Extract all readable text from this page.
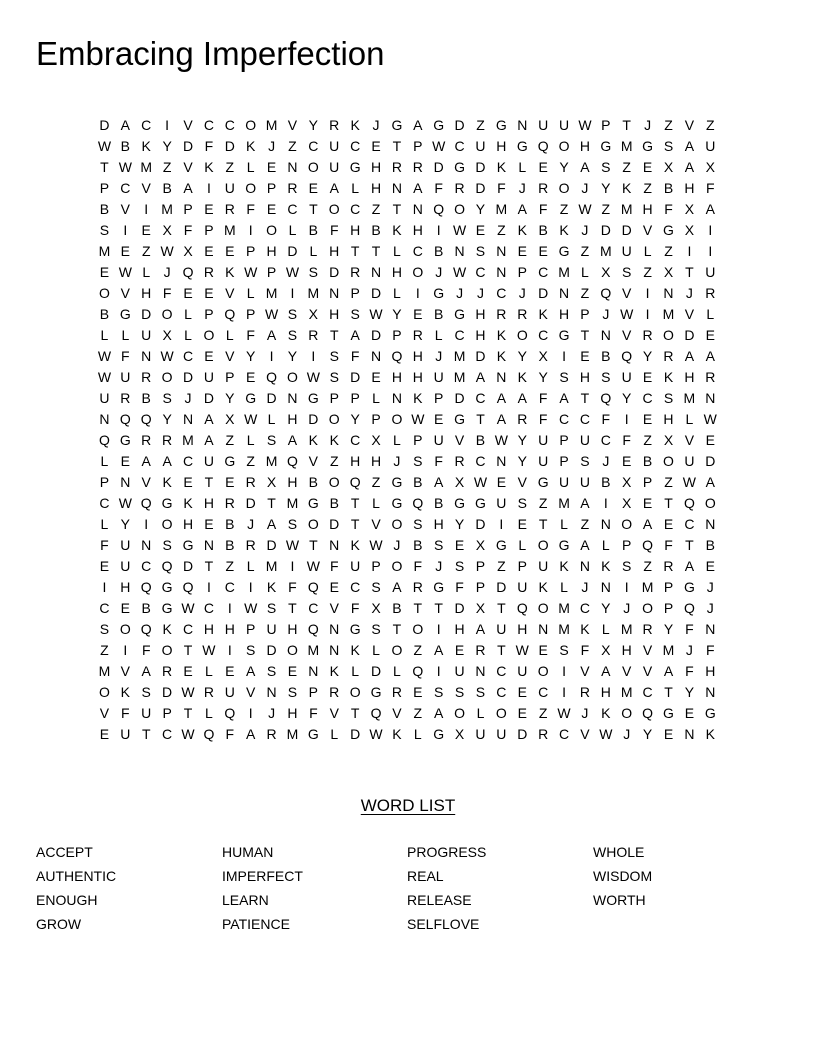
Embracing Imperfection
D A C I	V C C O M V Y R K J G A G D Z G N U U W P T J Z V Z
W B K Y D F D K J Z C U C E T P W C U H G Q O H G M G S A U
T W M Z V K Z L E N O U G H R R D G D K L E Y A S Z E X A X
P C V B A	I U O P R E A L H N A F R D F J R O J Y K Z B H F
B V	I M P E R F E C T O C Z T N Q O Y M A F Z W Z M H F X A
S	I	E X F P M I O L B F H B K H I W E Z K B K J D D V G X	I
M E Z W X E E P H D L H T T L C B N S N E E G Z M U L Z	I	I
E W L J Q R K W P W S D R N H O J W C N P C M L X S Z X T U
O V H F E E V L M I M N P D L	I G J J C J D N Z Q V	I N J R
B G D O L P Q P W S X H S W Y E B G H R R K H P J W I M V L
L L U X L O L F A S R T A D P R L C H K O C G T N V R O D E
W F N W C E V Y	I	Y	I	S F N Q H J M D K Y X	I	E B Q Y R A A
W U R O D U P E Q O W S D E H H U M A N K Y S H S U E K H R
U R B S J D Y G D N G P P L N K P D C A A F A T Q Y C S M N
N Q Q Y N A X W L H D O Y P O W E G T A R F C C F	I	E H L W
Q G R R M A Z L S A K K C X L P U V B W Y U P U C F Z X V E
L E A A C U G Z M Q V Z H H J S F R C N Y U P S J E B O U D
P N V K E T E R X H B O Q Z G B A X W E V G U U B X P Z W A
C W Q G K H R D T M G B T L G Q B G G U S Z M A	I	X E T Q O
L Y	I O H E B J A S O D T V O S H Y D I	E T L Z N O A E C N
F U N S G N B R D W T N K W J B S E X G L O G A L P Q F T B
E U C Q D T Z L M I W F U P O F J S P Z P U K N K S Z R A E
I H Q G Q I C I	K F Q E C S A R G F P D U K L J N I M P G J
C E B G W C I W S T C V F X B T T D X T Q O M C Y J O P Q J
S O Q K C H H P U H Q N G S T O I H A U H N M K L M R Y F N
Z	I	F O T W I	S D O M N K L O Z A E R T W E S F X H V M J F
M V A R E L E A S E N K L D L Q I U N C U O I	V A V V A F H
O K S D W R U V N S P R O G R E S S S C E C I R H M C T Y N
V F U P T L Q I	J H F V T Q V Z A O L O E Z W J K O Q G E G
E U T C W Q F A R M G L D W K L G X U U D R C V W J Y E N K
WORD LIST
ACCEPT
AUTHENTIC
ENOUGH
GROW
HUMAN
IMPERFECT
LEARN
PATIENCE
PROGRESS
REAL
RELEASE
SELFLOVE
WHOLE
WISDOM
WORTH
